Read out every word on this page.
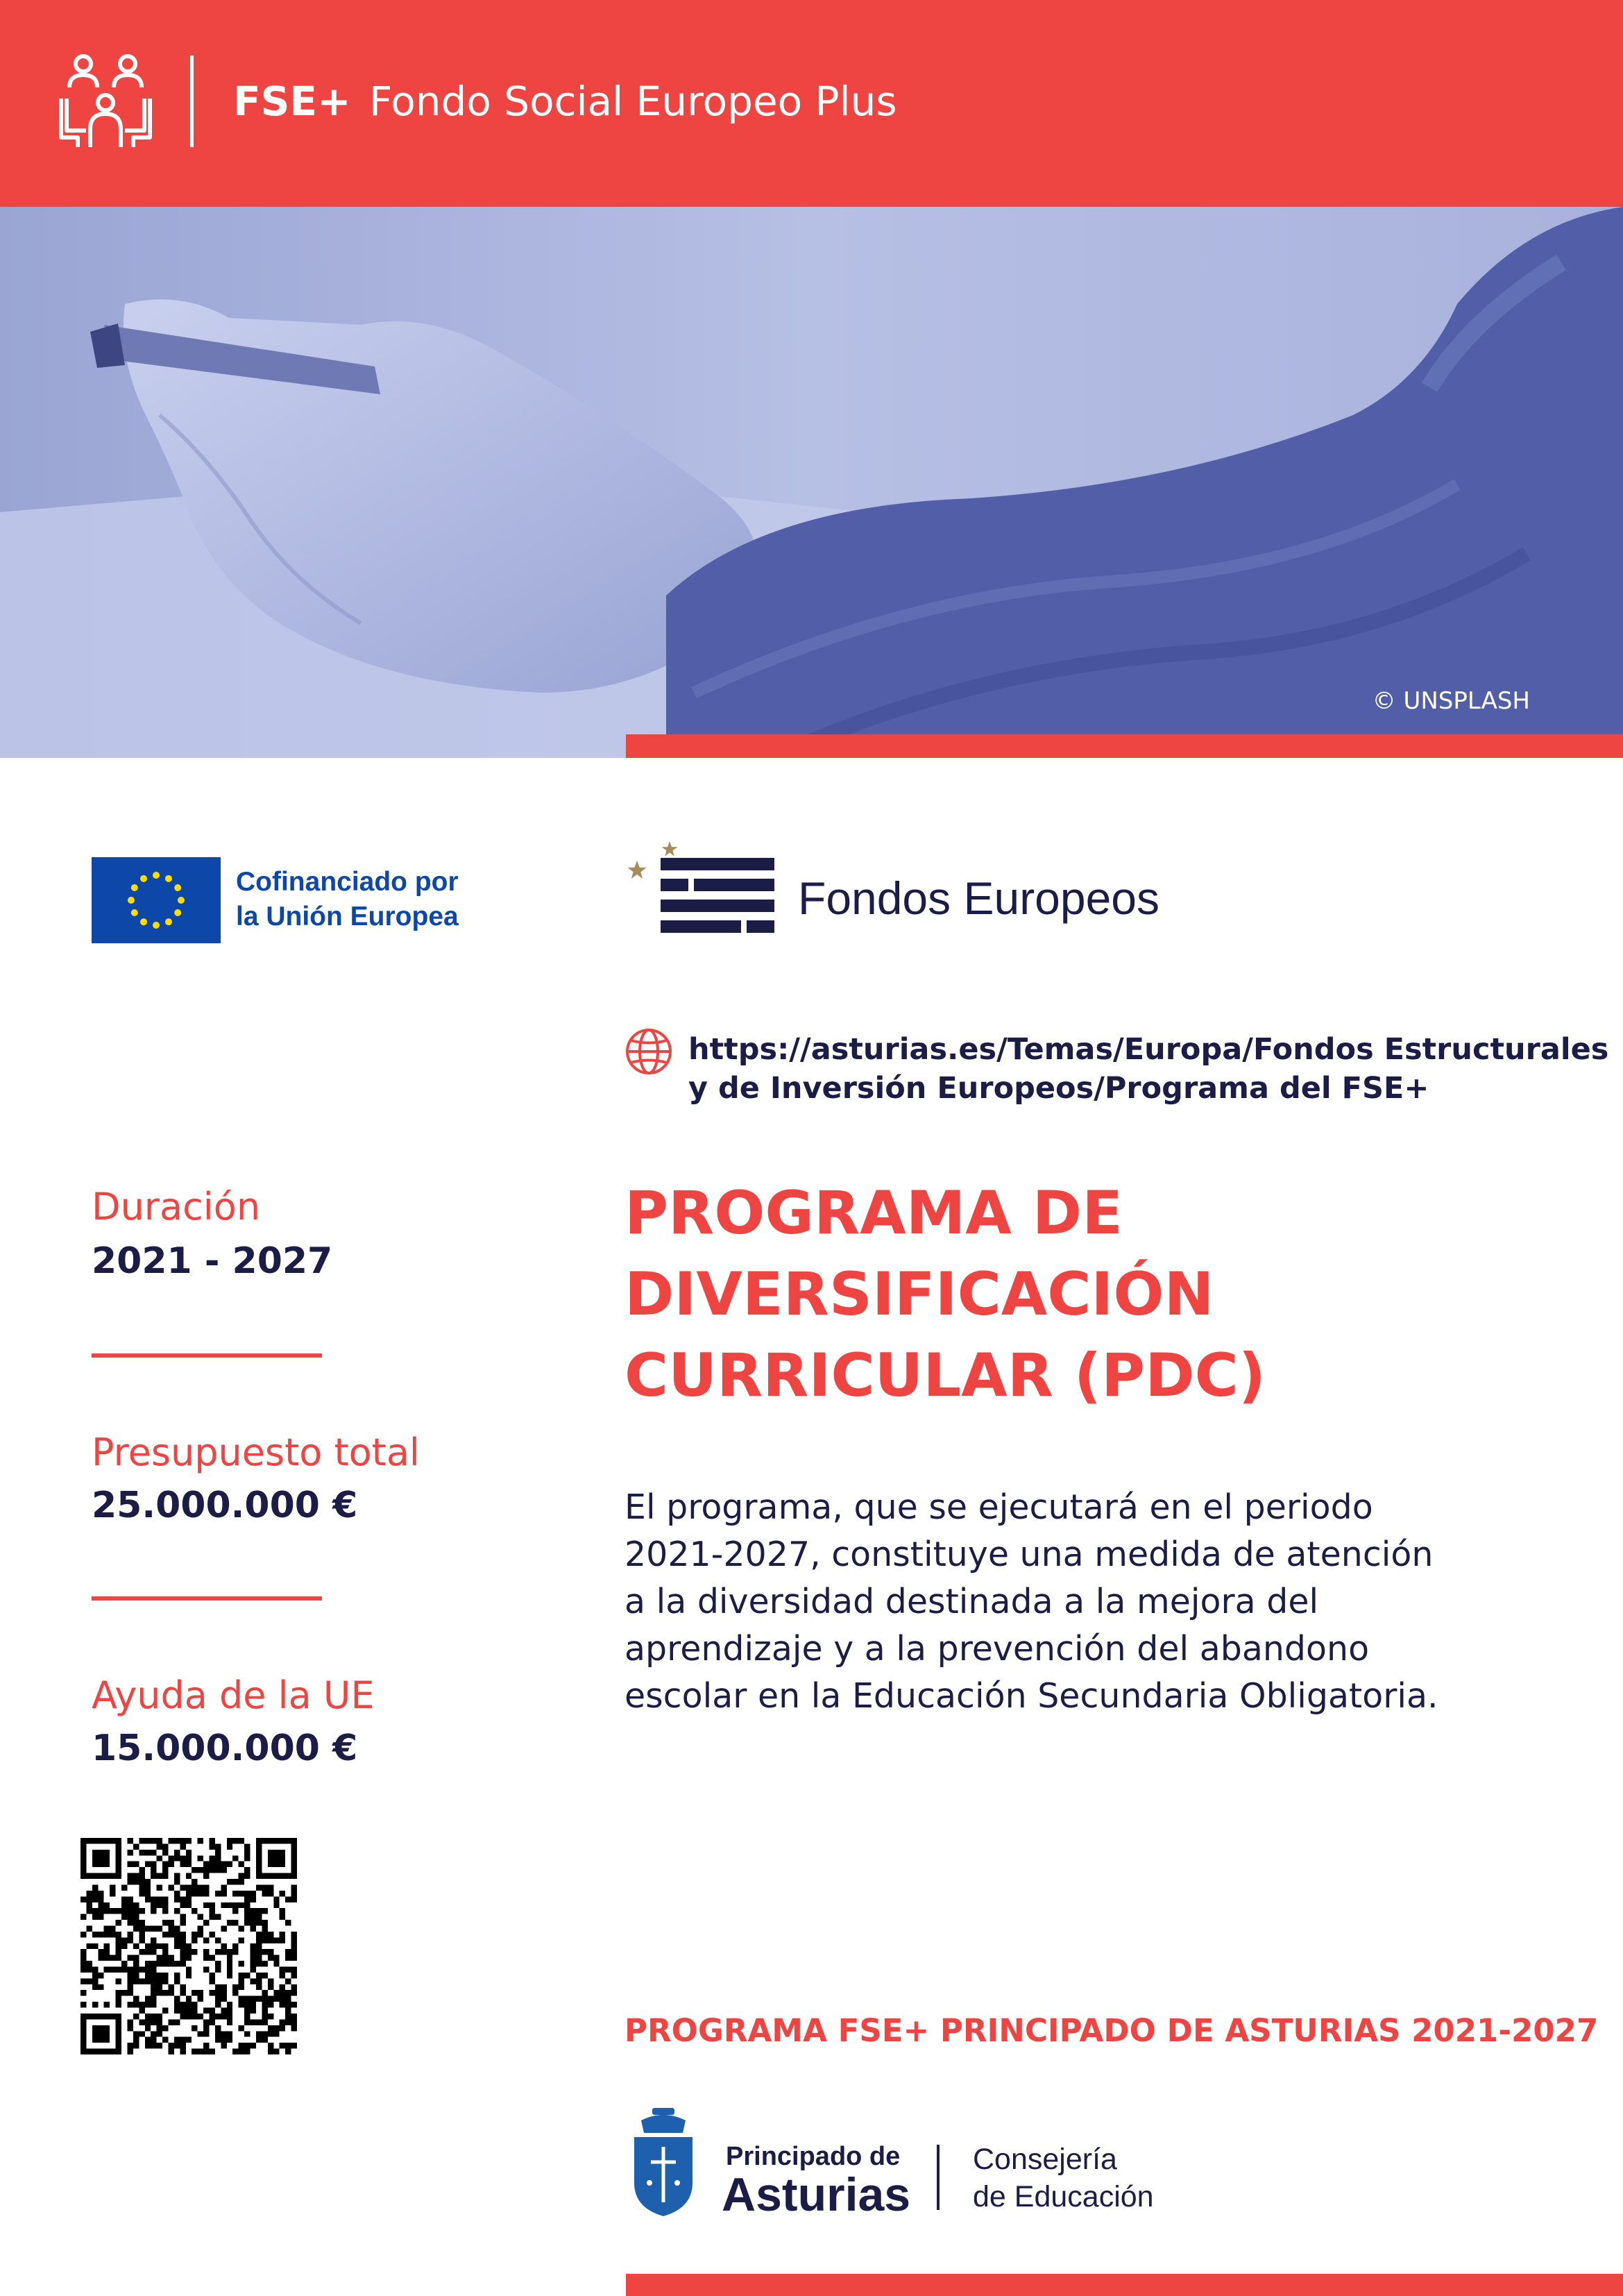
FSE+ Fondo Social Europeo Plus
© UNSPLASH
Cofinanciado por
la Unión Europea	Fondos Europeos
https://asturias.es/Temas/Europa/Fondos Estructurales
y de Inversión Europeos/Programa del FSE+
Duración
2021 - 2027
Presupuesto total
25.000.000 €
Ayuda de la UE
15.000.000 €
PROGRAMA DE
DIVERSIFICACIÓN
CURRICULAR (PDC)
El programa, que se ejecutará en el periodo
2021-2027, constituye una medida de atención
a la diversidad destinada a la mejora del
aprendizaje y a la prevención del abandono
escolar en la Educación Secundaria Obligatoria.
PROGRAMA FSE+ PRINCIPADO DE ASTURIAS 2021-2027
Principado de
Asturias
Consejería
de Educación
